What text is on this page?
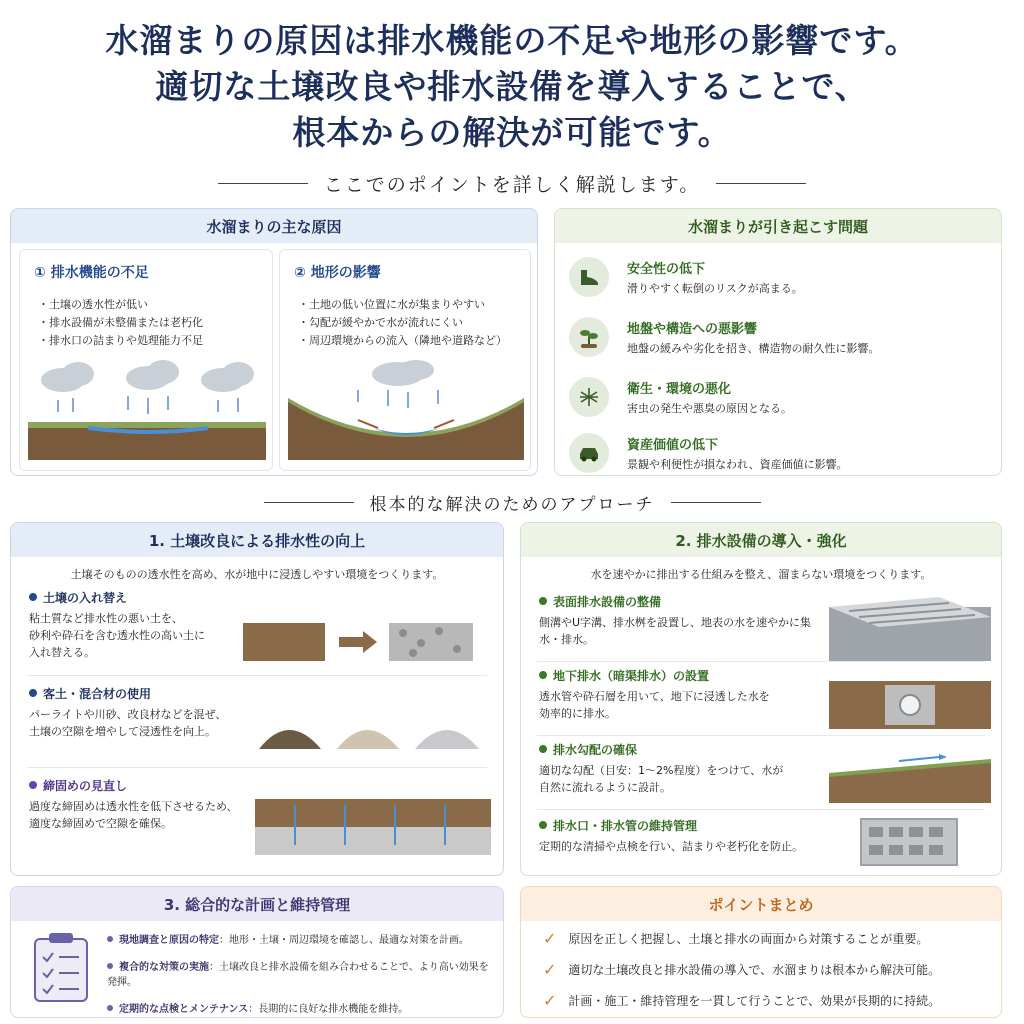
水溜まりの原因は排水機能の不足や地形の影響です。
適切な土壌改良や排水設備を導入することで、
根本からの解決が可能です。
ここでのポイントを詳しく解説します。
水溜まりの主な原因
① 排水機能の不足
・土壌の透水性が低い
・排水設備が未整備または老朽化
・排水口の詰まりや処理能力不足
② 地形の影響
・土地の低い位置に水が集まりやすい
・勾配が緩やかで水が流れにくい
・周辺環境からの流入（隣地や道路など）
水溜まりが引き起こす問題
安全性の低下
滑りやすく転倒のリスクが高まる。
地盤や構造への悪影響
地盤の緩みや劣化を招き、構造物の耐久性に影響。
衛生・環境の悪化
害虫の発生や悪臭の原因となる。
資産価値の低下
景観や利便性が損なわれ、資産価値に影響。
根本的な解決のためのアプローチ
1. 土壌改良による排水性の向上
土壌そのものの透水性を高め、水が地中に浸透しやすい環境をつくります。
土壌の入れ替え
粘土質など排水性の悪い土を、
砂利や砕石を含む透水性の高い土に
入れ替える。
客土・混合材の使用
パーライトや川砂、改良材などを混ぜ、
土壌の空隙を増やして浸透性を向上。
締固めの見直し
過度な締固めは透水性を低下させるため、
適度な締固めで空隙を確保。
2. 排水設備の導入・強化
水を速やかに排出する仕組みを整え、溜まらない環境をつくります。
表面排水設備の整備
側溝やU字溝、排水桝を設置し、地表の水を速やかに集
水・排水。
地下排水（暗渠排水）の設置
透水管や砕石層を用いて、地下に浸透した水を
効率的に排水。
排水勾配の確保
適切な勾配（目安：1〜2%程度）をつけて、水が
自然に流れるように設計。
排水口・排水管の維持管理
定期的な清掃や点検を行い、詰まりや老朽化を防止。
3. 総合的な計画と維持管理
現地調査と原因の特定：地形・土壌・周辺環境を確認し、最適な対策を計画。
複合的な対策の実施：土壌改良と排水設備を組み合わせることで、より高い効果を発揮。
定期的な点検とメンテナンス：長期的に良好な排水機能を維持。
ポイントまとめ
✓ 原因を正しく把握し、土壌と排水の両面から対策することが重要。
✓ 適切な土壌改良と排水設備の導入で、水溜まりは根本から解決可能。
✓ 計画・施工・維持管理を一貫して行うことで、効果が長期的に持続。
